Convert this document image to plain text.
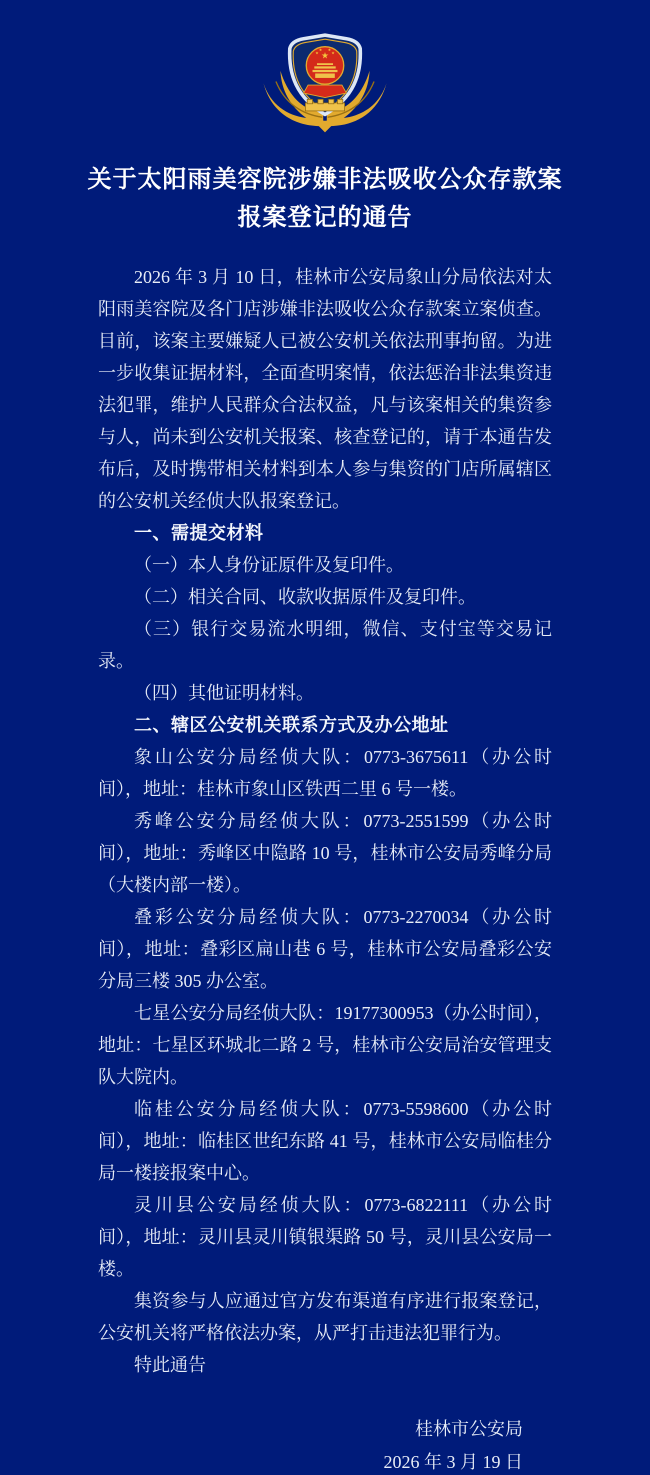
关于太阳雨美容院涉嫌非法吸收公众存款案
报案登记的通告

2026 年 3 月 10 日，桂林市公安局象山分局依法对太阳雨美容院及各门店涉嫌非法吸收公众存款案立案侦查。目前，该案主要嫌疑人已被公安机关依法刑事拘留。为进一步收集证据材料，全面查明案情，依法惩治非法集资违法犯罪，维护人民群众合法权益，凡与该案相关的集资参与人，尚未到公安机关报案、核查登记的，请于本通告发布后，及时携带相关材料到本人参与集资的门店所属辖区的公安机关经侦大队报案登记。

一、需提交材料

（一）本人身份证原件及复印件。

（二）相关合同、收款收据原件及复印件。

（三）银行交易流水明细，微信、支付宝等交易记录。

（四）其他证明材料。

二、辖区公安机关联系方式及办公地址

象山公安分局经侦大队：0773-3675611（办公时间），地址：桂林市象山区铁西二里 6 号一楼。

秀峰公安分局经侦大队：0773-2551599（办公时间），地址：秀峰区中隐路 10 号，桂林市公安局秀峰分局（大楼内部一楼）。

叠彩公安分局经侦大队：0773-2270034（办公时间），地址：叠彩区扁山巷 6 号，桂林市公安局叠彩公安分局三楼 305 办公室。

七星公安分局经侦大队：19177300953（办公时间），地址：七星区环城北二路 2 号，桂林市公安局治安管理支队大院内。

临桂公安分局经侦大队：0773-5598600（办公时间），地址：临桂区世纪东路 41 号，桂林市公安局临桂分局一楼接报案中心。

灵川县公安局经侦大队：0773-6822111（办公时间），地址：灵川县灵川镇银渠路 50 号，灵川县公安局一楼。

集资参与人应通过官方发布渠道有序进行报案登记，公安机关将严格依法办案，从严打击违法犯罪行为。

特此通告

桂林市公安局

2026 年 3 月 19 日
